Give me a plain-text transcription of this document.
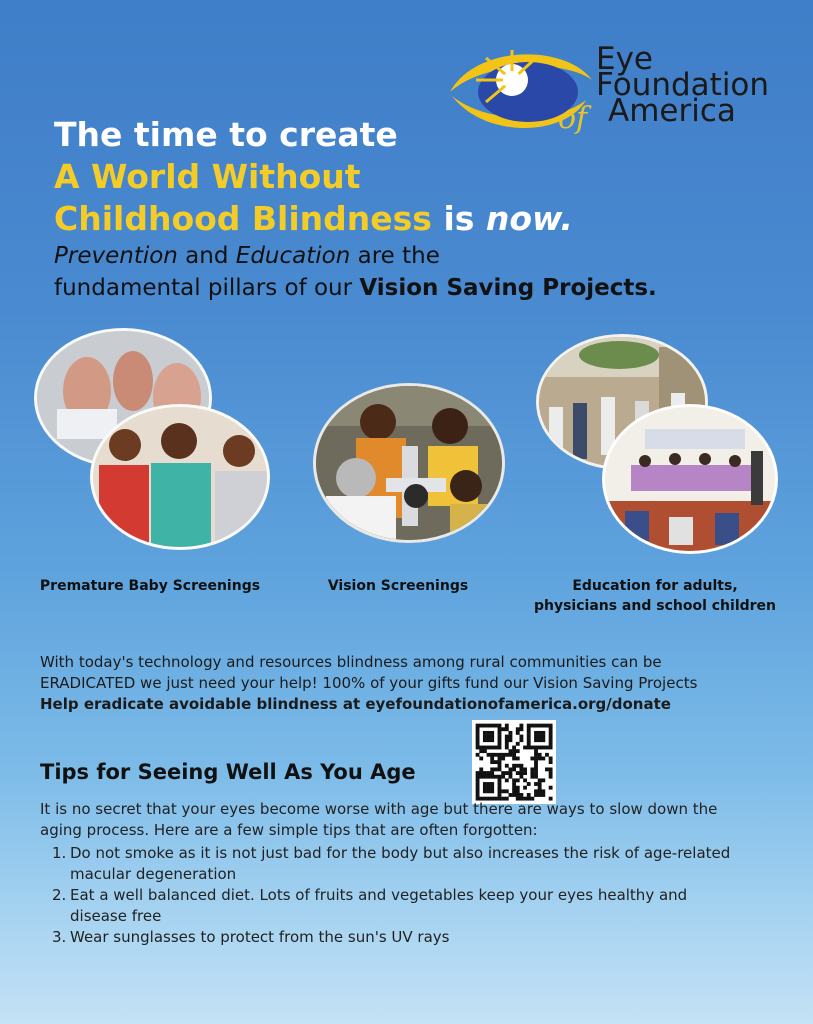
Eye
Foundation
of America
The time to create
A World Without
Childhood Blindness is now.
Prevention and Education are the
fundamental pillars of our Vision Saving Projects.
Premature Baby Screenings	Vision Screenings	Education for adults,
physicians and school children
With today's technology and resources blindness among rural communities can be
ERADICATED we just need your help! 100% of your gifts fund our Vision Saving Projects
Help eradicate avoidable blindness at eyefoundationofamerica.org/donate
Tips for Seeing Well As You Age
It is no secret that your eyes become worse with age but there are ways to slow down the aging process. Here are a few simple tips that are often forgotten:
1. Do not smoke as it is not just bad for the body but also increases the risk of age-related macular degeneration
2. Eat a well balanced diet. Lots of fruits and vegetables keep your eyes healthy and disease free
3. Wear sunglasses to protect from the sun's UV rays
